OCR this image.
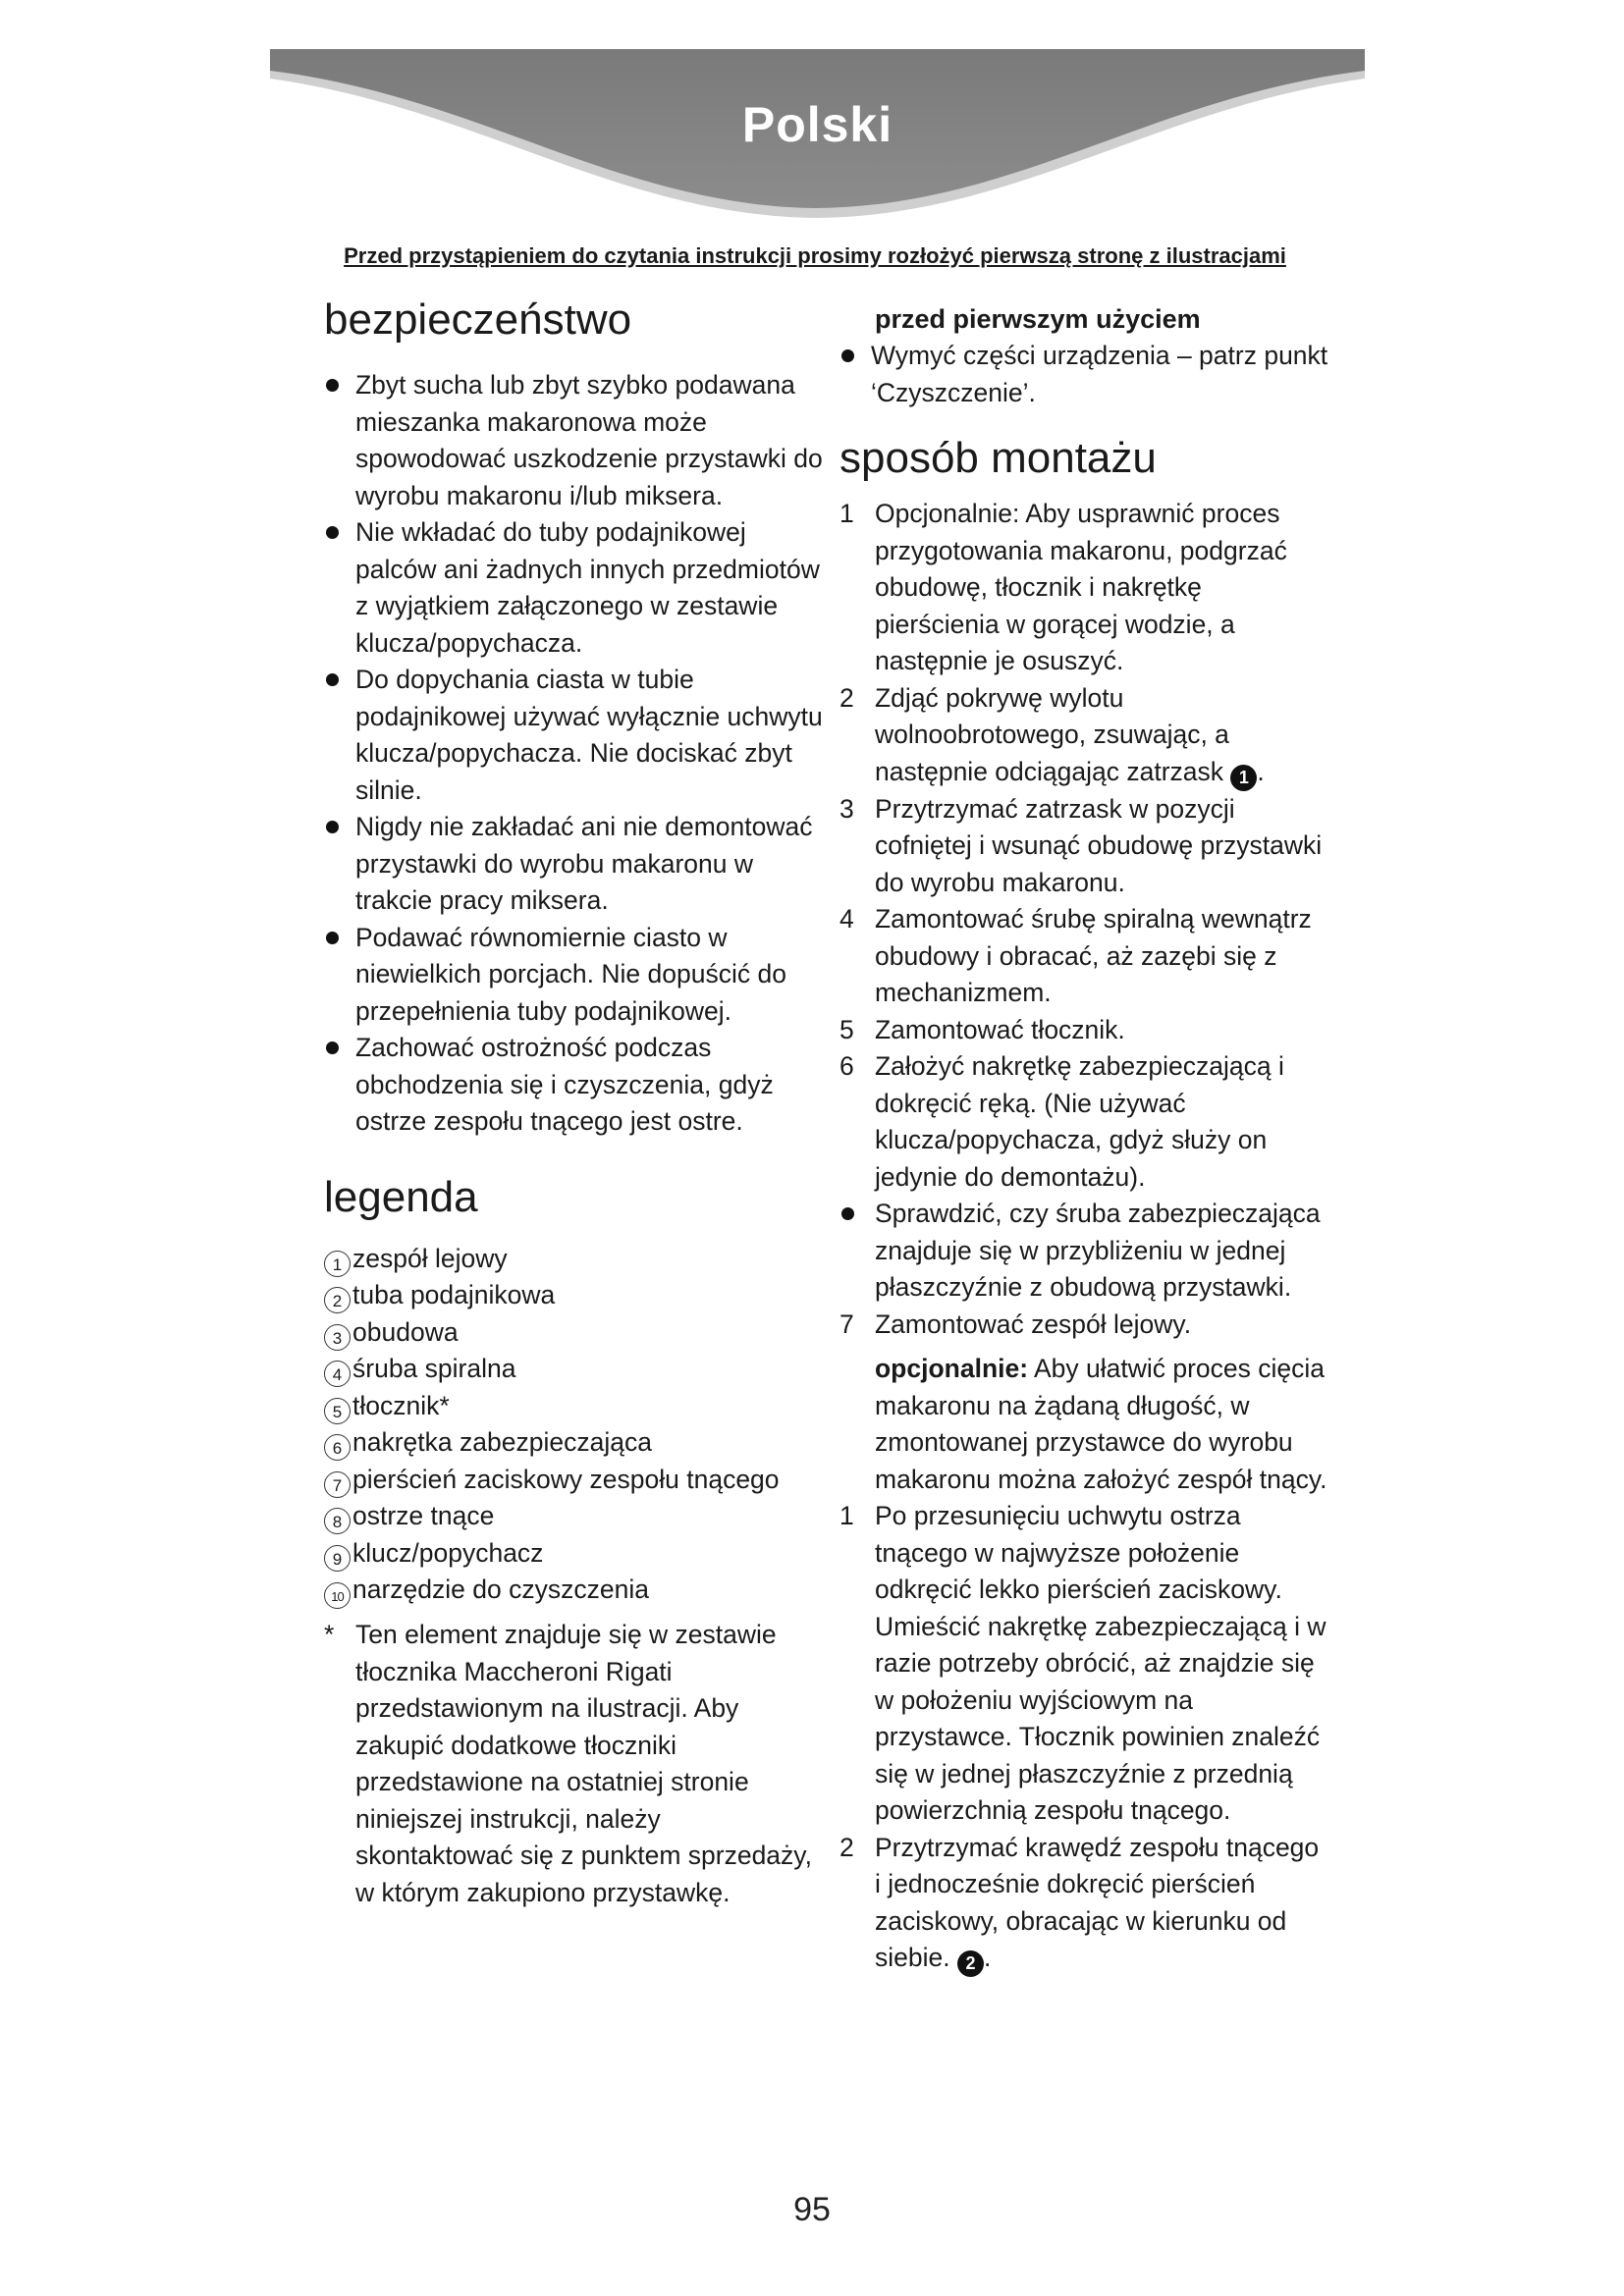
Polski
Przed przystąpieniem do czytania instrukcji prosimy rozłożyć pierwszą stronę z ilustracjami
bezpieczeństwo
Zbyt sucha lub zbyt szybko podawana mieszanka makaronowa może spowodować uszkodzenie przystawki do wyrobu makaronu i/lub miksera.
Nie wkładać do tuby podajnikowej palców ani żadnych innych przedmiotów z wyjątkiem załączonego w zestawie klucza/popychacza.
Do dopychania ciasta w tubie podajnikowej używać wyłącznie uchwytu klucza/popychacza. Nie dociskać zbyt silnie.
Nigdy nie zakładać ani nie demontować przystawki do wyrobu makaronu w trakcie pracy miksera.
Podawać równomiernie ciasto w niewielkich porcjach. Nie dopuścić do przepełnienia tuby podajnikowej.
Zachować ostrożność podczas obchodzenia się i czyszczenia, gdyż ostrze zespołu tnącego jest ostre.
legenda
1 zespół lejowy
2 tuba podajnikowa
3 obudowa
4 śruba spiralna
5 tłocznik*
6 nakrętka zabezpieczająca
7 pierścień zaciskowy zespołu tnącego
8 ostrze tnące
9 klucz/popychacz
10 narzędzie do czyszczenia
* Ten element znajduje się w zestawie tłocznika Maccheroni Rigati przedstawionym na ilustracji. Aby zakupić dodatkowe tłoczniki przedstawione na ostatniej stronie niniejszej instrukcji, należy skontaktować się z punktem sprzedaży, w którym zakupiono przystawkę.
przed pierwszym użyciem
Wymyć części urządzenia – patrz punkt ‘Czyszczenie’.
sposób montażu
1 Opcjonalnie: Aby usprawnić proces przygotowania makaronu, podgrzać obudowę, tłocznik i nakrętkę pierścienia w gorącej wodzie, a następnie je osuszyć.
2 Zdjąć pokrywę wylotu wolnoobrotowego, zsuwając, a następnie odciągając zatrzask 1 .
3 Przytrzymać zatrzask w pozycji cofniętej i wsunąć obudowę przystawki do wyrobu makaronu.
4 Zamontować śrubę spiralną wewnątrz obudowy i obracać, aż zazębi się z mechanizmem.
5 Zamontować tłocznik.
6 Założyć nakrętkę zabezpieczającą i dokręcić ręką. (Nie używać klucza/popychacza, gdyż służy on jedynie do demontażu).
Sprawdzić, czy śruba zabezpieczająca znajduje się w przybliżeniu w jednej płaszczyźnie z obudową przystawki.
7 Zamontować zespół lejowy.
opcjonalnie: Aby ułatwić proces cięcia makaronu na żądaną długość, w zmontowanej przystawce do wyrobu makaronu można założyć zespół tnący.
1 Po przesunięciu uchwytu ostrza tnącego w najwyższe położenie odkręcić lekko pierścień zaciskowy. Umieścić nakrętkę zabezpieczającą i w razie potrzeby obrócić, aż znajdzie się w położeniu wyjściowym na przystawce. Tłocznik powinien znaleźć się w jednej płaszczyźnie z przednią powierzchnią zespołu tnącego.
2 Przytrzymać krawędź zespołu tnącego i jednocześnie dokręcić pierścień zaciskowy, obracając w kierunku od siebie. 2 .
95
